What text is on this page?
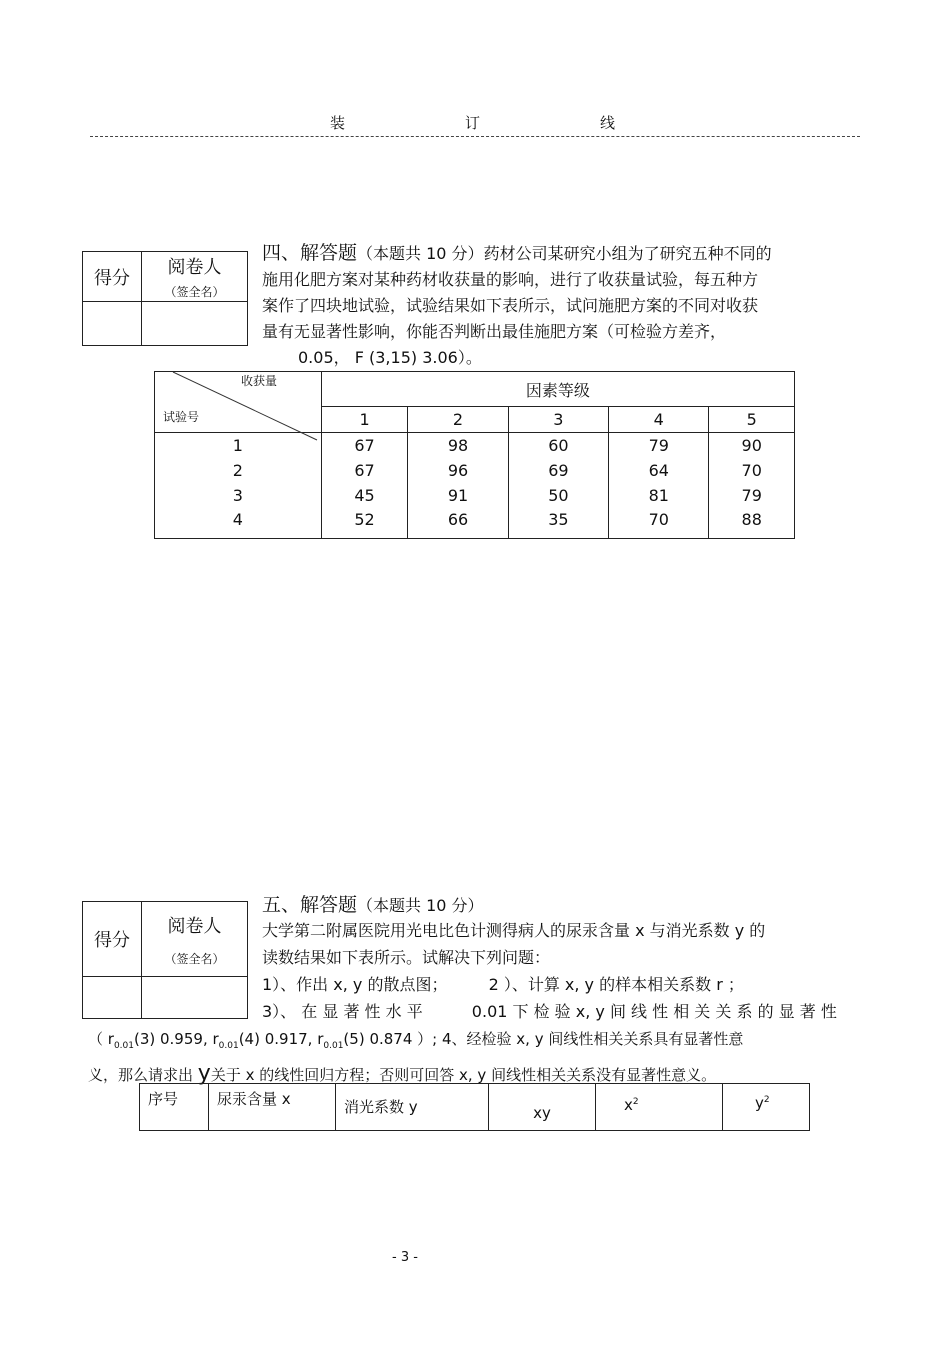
装	订	线
得分	阅卷人
（签全名）

四、解答题（本题共 10 分）药材公司某研究小组为了研究五种不同的
施用化肥方案对某种药材收获量的影响，进行了收获量试验，每五种方
案作了四块地试验，试验结果如下表所示，试问施肥方案的不同对收获
量有无显著性影响，你能否判断出最佳施肥方案（可检验方差齐，
0.05， F (3,15) 3.06）。
收获量
试验号	因素等级				
	1	2	3	4	5
1	67	98	60	79	90
2	67	96	69	64	70
3	45	91	50	81	79
4	52	66	35	70	88
五、解答题（本题共 10 分）
得分	阅卷人
（签全名）

大学第二附属医院用光电比色计测得病人的尿汞含量 x 与消光系数 y 的
读数结果如下表所示。试解决下列问题：
1）、作出 x, y 的散点图；	2 ）、计算 x, y 的样本相关系数 r ；
3）、 在 显 著 性 水 平	0.01 下 检 验 x, y 间 线 性 相 关 关 系 的 显 著 性
（ $r_{0.01}(3)$ 0.959, $r_{0.01}(4)$ 0.917, $r_{0.01}(5)$ 0.874 ）; 4、经检验 x, y 间线性相关关系具有显著性意
义，那么请求出 y关于 x 的线性回归方程；否则可回答 x, y 间线性相关关系没有显著性意义。
序号	尿汞含量 x	消光系数 y	xy	$x^2$	$y^2$
- 3 -
